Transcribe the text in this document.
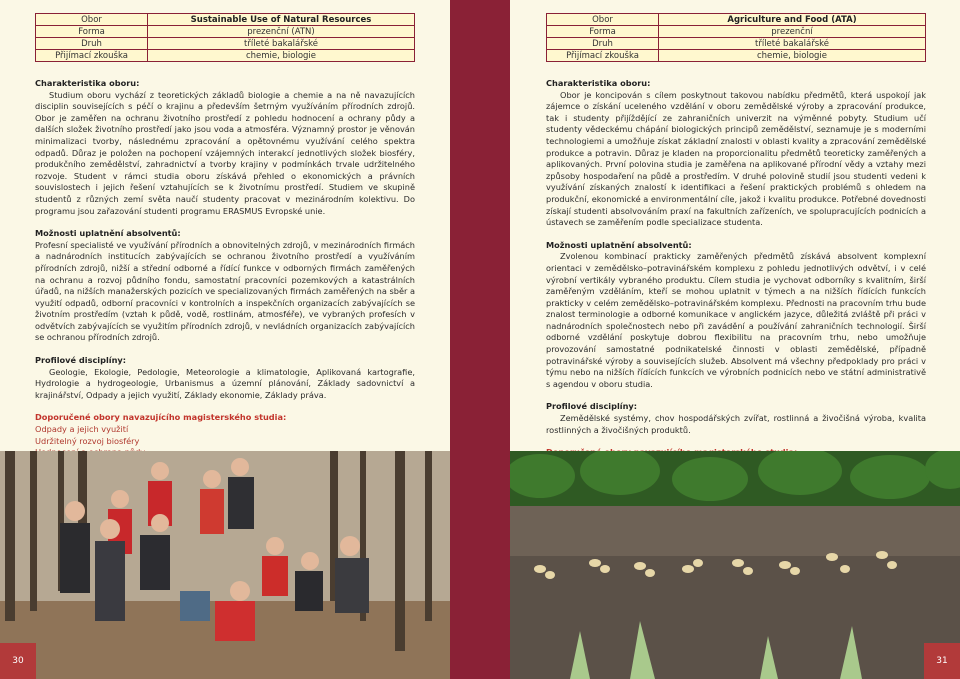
Obor	Sustainable Use of Natural Resources
Forma	prezenční (ATN)
Druh	tříleté bakalářské
Přijímací zkouška	chemie, biologie

Charakteristika oboru:

Studium oboru vychází z teoretických základů biologie a chemie a na ně navazujících disciplin souvisejících s péčí o krajinu a především šetrným využíváním přírodních zdrojů. Obor je zaměřen na ochranu životního prostředí z pohledu hodnocení a ochrany půdy a dalších složek životního prostředí jako jsou voda a atmosféra. Významný prostor je věnován minimalizaci tvorby, následnému zpracování a opětovnému využívání celého spektra odpadů. Důraz je položen na pochopení vzájemných interakcí jednotlivých složek biosféry, produkčního zemědělství, zahradnictví a tvorby krajiny v podmínkách trvale udržitelného rozvoje. Student v rámci studia oboru získává přehled o ekonomických a právních souvislostech i jejich řešení vztahujících se k životnímu prostředí. Studiem ve skupině studentů z různých zemí světa naučí studenty pracovat v mezinárodním kolektivu. Do programu jsou zařazování studenti programu ERASMUS Evropské unie.

Možnosti uplatnění absolventů:

Profesní specialisté ve využívání přírodních a obnovitelných zdrojů, v mezinárodních firmách a nadnárodních institucích zabývajících se ochranou životního prostředí a využíváním přírodních zdrojů, nižší a střední odborné a řídící funkce v odborných firmách zaměřených na ochranu a rozvoj půdního fondu, samostatní pracovníci pozemkových a katastrálních úřadů, na nižších manažerských pozicích ve specializovaných firmách zaměřených na sběr a využití odpadů, odborní pracovníci v kontrolních a inspekčních organizacích zabývajících se životním prostředím (vztah k půdě, vodě, rostlinám, atmosféře), ve vybraných profesích v odvětvích zabývajících se využitím přírodních zdrojů, v nevládních organizacích zabývajících se ochranou přírodních zdrojů.

Profilové disciplíny:

Geologie, Ekologie, Pedologie, Meteorologie a klimatologie, Aplikovaná kartografie, Hydrologie a hydrogeologie, Urbanismus a územní plánování, Základy sadovnictví a krajinářství, Odpady a jejich využití, Základy ekonomie, Základy práva.

Doporučené obory navazujícího magisterského studia:

Odpady a jejich využití

Udržitelný rozvoj biosféry

30
Obor	Agriculture and Food (ATA)
Forma	prezenční
Druh	tříleté bakalářské
Přijímací zkouška	chemie, biologie

Charakteristika oboru:

Obor je koncipován s cílem poskytnout takovou nabídku předmětů, která uspokojí jak zájemce o získání uceleného vzdělání v oboru zemědělské výroby a zpracování produkce, tak i studenty přijíždějící ze zahraničních univerzit na výměnné pobyty. Studium učí studenty vědeckému chápání biologických principů zemědělství, seznamuje je s moderními technologiemi a umožňuje získat základní znalosti v oblasti kvality a zpracování zemědělské produkce a potravin. Důraz je kladen na proporcionalitu předmětů teoreticky zaměřených a aplikovaných. První polovina studia je zaměřena na aplikované přírodní vědy a vztahy mezi způsoby hospodaření na půdě a prostředím. V druhé polovině studií jsou studenti vedeni k využívání získaných znalostí k identifikaci a řešení praktických problémů s ohledem na produkční, ekonomické a environmentální cíle, jakož i kvalitu produkce. Potřebné dovednosti získají studenti absolvováním praxí na fakultních zařízeních, ve spolupracujících podnicích a ústavech se zaměřením podle specializace studenta.

Možnosti uplatnění absolventů:

Zvolenou kombinací prakticky zaměřených předmětů získává absolvent komplexní orientaci v zemědělsko–potravinářském komplexu z pohledu jednotlivých odvětví, i v celé výrobní vertikály vybraného produktu. Cílem studia je vychovat odborníky s kvalitním, širší zaměřeným vzděláním, kteří se mohou uplatnit v týmech a na nižších řídících funkcích prakticky v celém zemědělsko–potravinářském komplexu. Přednosti na pracovním trhu bude znalost terminologie a odborné komunikace v anglickém jazyce, důležitá zvláště při práci v nadnárodních společnostech nebo při zavádění a používání zahraničních technologií. Širší odborné vzdělání poskytuje dobrou flexibilitu na pracovním trhu, nebo umožňuje provozování samostatné podnikatelské činnosti v oblasti zemědělské, případně potravinářské výroby a souvisejících služeb. Absolvent má všechny předpoklady pro práci v týmu nebo na nižších řídících funkcích ve výrobních podnicích nebo ve státní administrativě s agendou v oboru studia.

Profilové disciplíny:

Zemědělské systémy, chov hospodářských zvířat, rostlinná a živočišná výroba, kvalita rostlinných a živočišných produktů.

31
